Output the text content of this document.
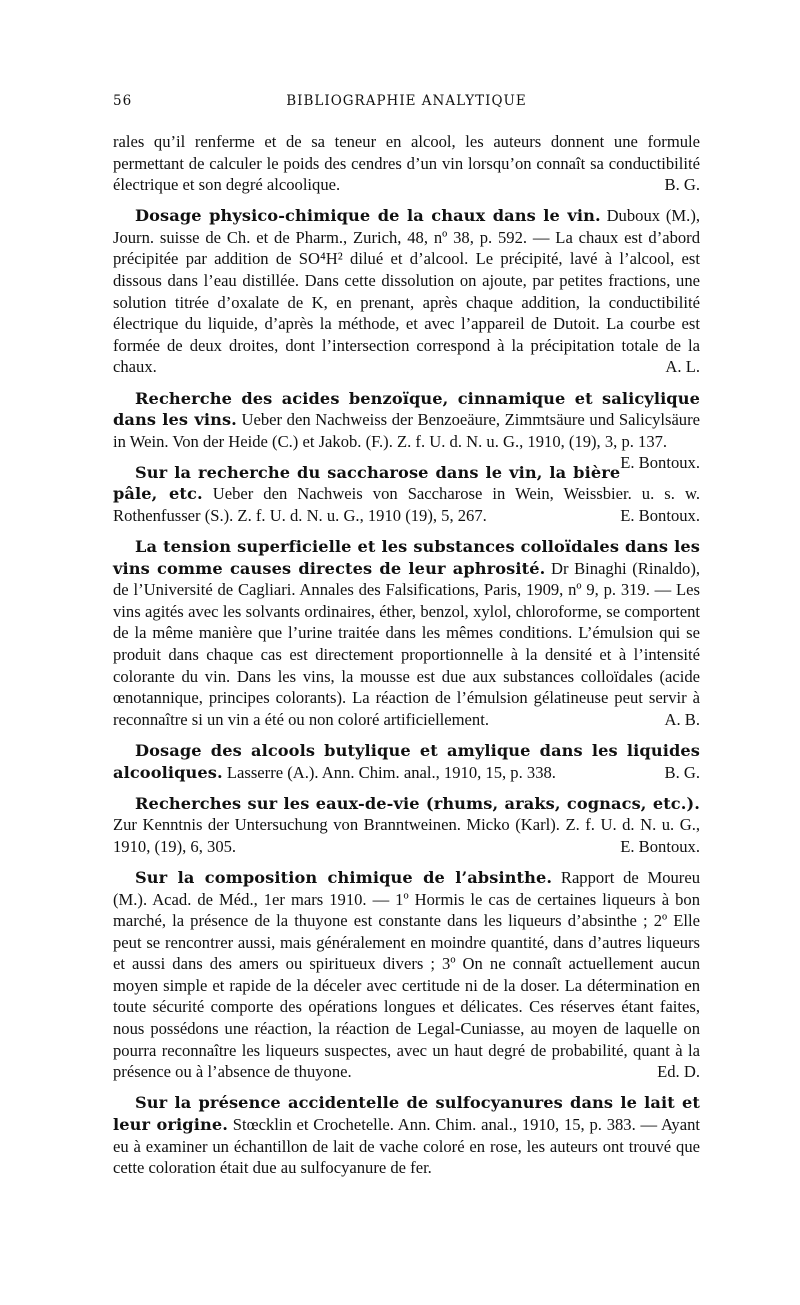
56	BIBLIOGRAPHIE ANALYTIQUE

rales qu’il renferme et de sa teneur en alcool, les auteurs donnent une formule permettant de calculer le poids des cendres d’un vin lorsqu’on connaît sa conductibilité électrique et son degré alcoolique.	B. G.

Dosage physico-chimique de la chaux dans le vin. Duboux (M.), Journ. suisse de Ch. et de Pharm., Zurich, 48, nº 38, p. 592. — La chaux est d’abord précipitée par addition de SO⁴H² dilué et d’alcool. Le précipité, lavé à l’alcool, est dissous dans l’eau distillée. Dans cette dissolution on ajoute, par petites fractions, une solution titrée d’oxalate de K, en prenant, après chaque addition, la conductibilité électrique du liquide, d’après la méthode, et avec l’appareil de Dutoit. La courbe est formée de deux droites, dont l’intersection correspond à la précipitation totale de la chaux.	A. L.

Recherche des acides benzoïque, cinnamique et salicylique dans les vins. Ueber den Nachweiss der Benzoeäure, Zimmtsäure und Salicylsäure in Wein. Von der Heide (C.) et Jakob. (F.). Z. f. U. d. N. u. G., 1910, (19), 3, p. 137.
E. Bontoux.

Sur la recherche du saccharose dans le vin, la bière pâle, etc. Ueber den Nachweis von Saccharose in Wein, Weissbier. u. s. w. Rothenfusser (S.). Z. f. U. d. N. u. G., 1910 (19), 5, 267.	E. Bontoux.

La tension superficielle et les substances colloïdales dans les vins comme causes directes de leur aphrosité. Dr Binaghi (Rinaldo), de l’Université de Cagliari. Annales des Falsifications, Paris, 1909, nº 9, p. 319. — Les vins agités avec les solvants ordinaires, éther, benzol, xylol, chloroforme, se comportent de la même manière que l’urine traitée dans les mêmes conditions. L’émulsion qui se produit dans chaque cas est directement proportionnelle à la densité et à l’intensité colorante du vin. Dans les vins, la mousse est due aux substances colloïdales (acide œnotannique, principes colorants). La réaction de l’émulsion gélatineuse peut servir à reconnaître si un vin a été ou non coloré artificiellement.	A. B.

Dosage des alcools butylique et amylique dans les liquides alcooliques. Lasserre (A.). Ann. Chim. anal., 1910, 15, p. 338.	B. G.

Recherches sur les eaux-de-vie (rhums, araks, cognacs, etc.). Zur Kenntnis der Untersuchung von Branntweinen. Micko (Karl). Z. f. U. d. N. u. G., 1910, (19), 6, 305.	E. Bontoux.

Sur la composition chimique de l’absinthe. Rapport de Moureu (M.). Acad. de Méd., 1er mars 1910. — 1º Hormis le cas de certaines liqueurs à bon marché, la présence de la thuyone est constante dans les liqueurs d’absinthe ; 2º Elle peut se rencontrer aussi, mais généralement en moindre quantité, dans d’autres liqueurs et aussi dans des amers ou spiritueux divers ; 3º On ne connaît actuellement aucun moyen simple et rapide de la déceler avec certitude ni de la doser. La détermination en toute sécurité comporte des opérations longues et délicates. Ces réserves étant faites, nous possédons une réaction, la réaction de Legal-Cuniasse, au moyen de laquelle on pourra reconnaître les liqueurs suspectes, avec un haut degré de probabilité, quant à la présence ou à l’absence de thuyone.	Ed. D.

Sur la présence accidentelle de sulfocyanures dans le lait et leur origine. Stœcklin et Crochetelle. Ann. Chim. anal., 1910, 15, p. 383. — Ayant eu à examiner un échantillon de lait de vache coloré en rose, les auteurs ont trouvé que cette coloration était due au sulfocyanure de fer.
